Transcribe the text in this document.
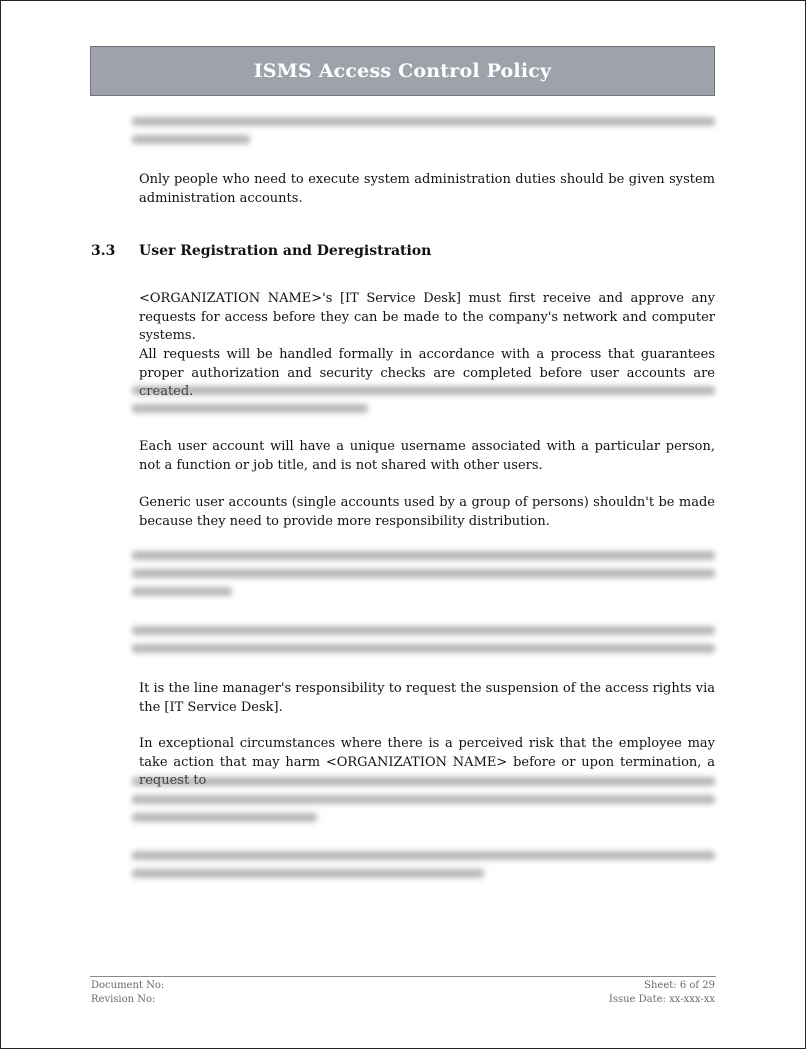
ISMS Access Control Policy

Only people who need to execute system administration duties should be given system administration accounts.

3.3 User Registration and Deregistration

<ORGANIZATION NAME>'s [IT Service Desk] must first receive and approve any requests for access before they can be made to the company's network and computer systems.

All requests will be handled formally in accordance with a process that guarantees proper authorization and security checks are completed before user accounts are

Each user account will have a unique username associated with a particular person, not a function or job title, and is not shared with other users.

Generic user accounts (single accounts used by a group of persons) shouldn't be made because they need to provide more responsibility distribution.

It is the line manager's responsibility to request the suspension of the access rights via the [IT Service Desk].

In exceptional circumstances where there is a perceived risk that the employee may take action that may harm <ORGANIZATION NAME> before or upon termination, a

Document No:
Revision No:
Sheet: 6 of 29
Issue Date: xx-xxx-xx
